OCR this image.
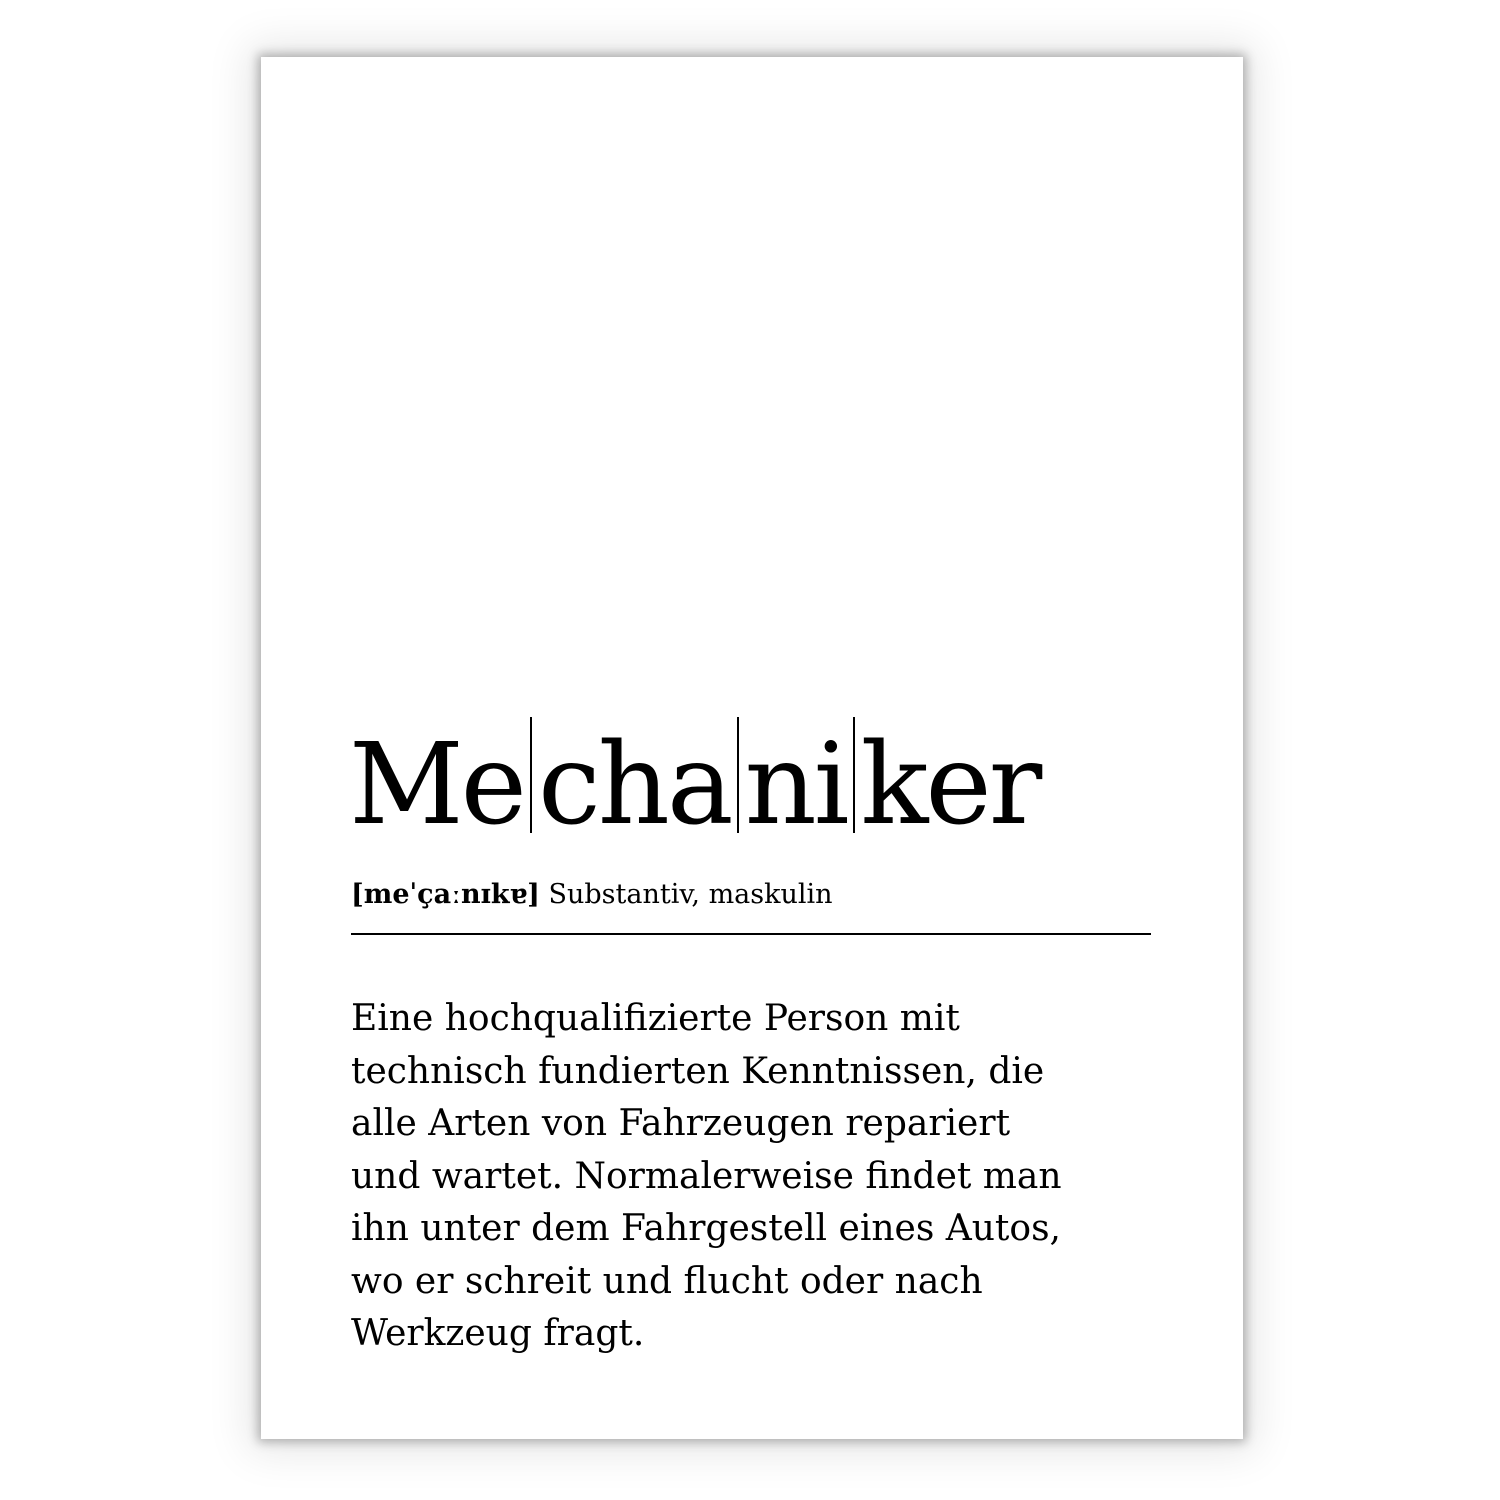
Me cha ni ker
[meˈçaːnɪkɐ] Substantiv, maskulin

Eine hochqualifizierte Person mit
technisch fundierten Kenntnissen, die
alle Arten von Fahrzeugen repariert
und wartet. Normalerweise findet man
ihn unter dem Fahrgestell eines Autos,
wo er schreit und flucht oder nach
Werkzeug fragt.
